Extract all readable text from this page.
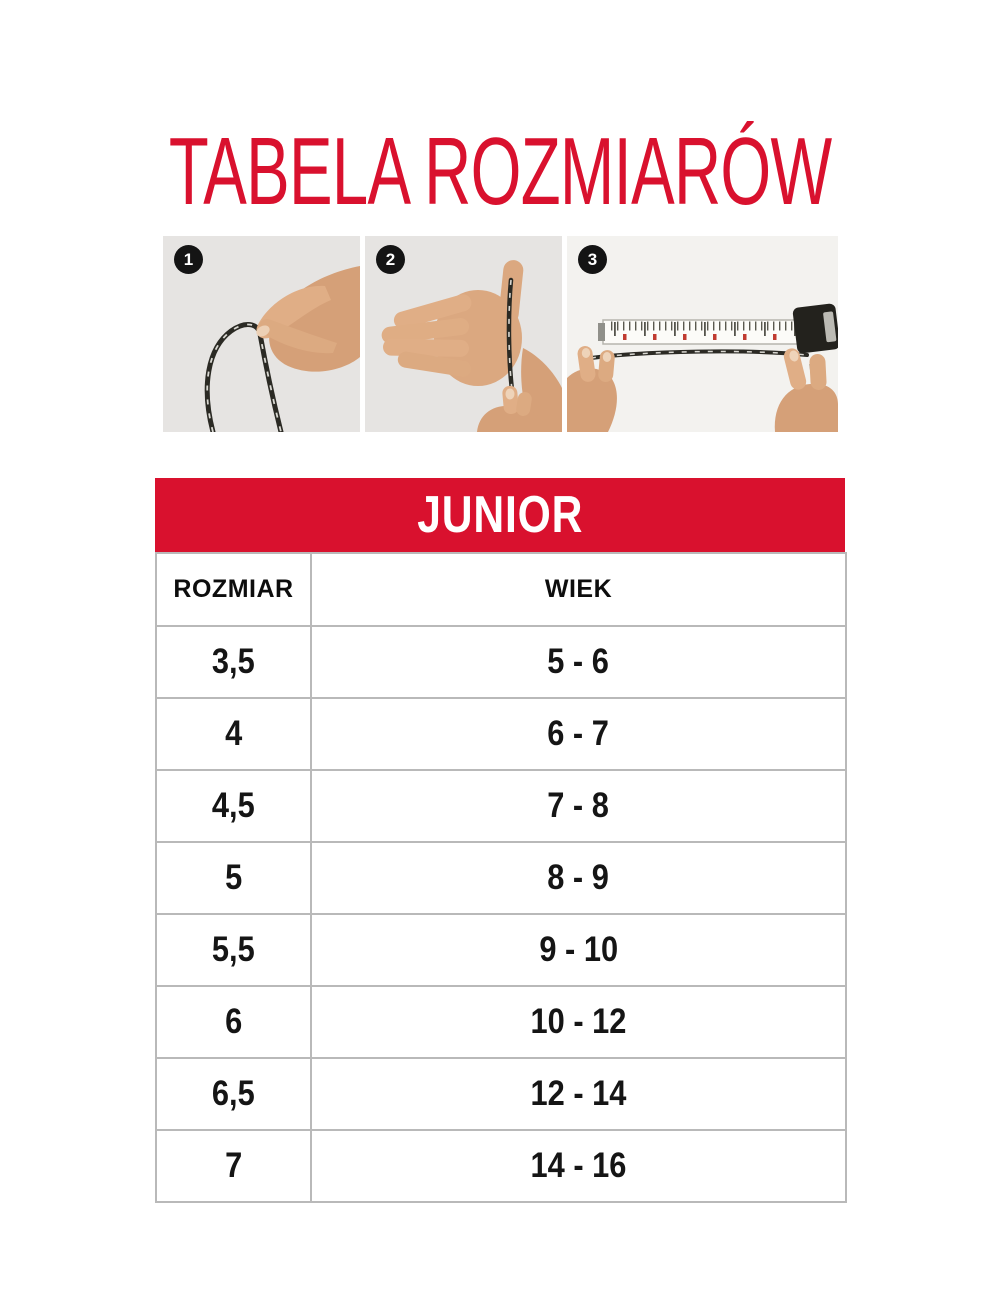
TABELA ROZMIARÓW
1	2	3
JUNIOR
ROZMIAR	WIEK
3,5	5 - 6
4	6 - 7
4,5	7 - 8
5	8 - 9
5,5	9 - 10
6	10 - 12
6,5	12 - 14
7	14 - 16
